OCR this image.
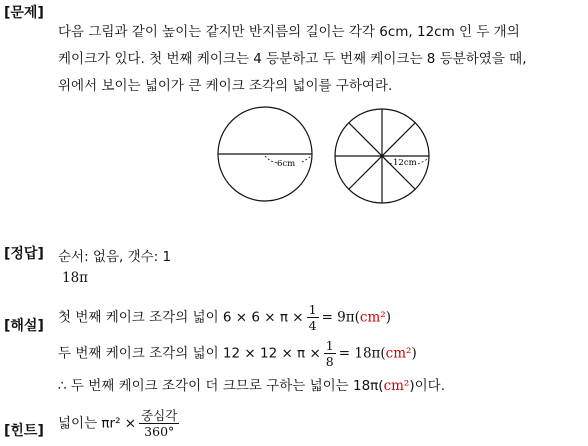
[문제]
다음 그림과 같이 높이는 같지만 반지름의 길이는 각각 6cm, 12cm 인 두 개의
케이크가 있다. 첫 번째 케이크는 4 등분하고 두 번째 케이크는 8 등분하였을 때,
위에서 보이는 넓이가 큰 케이크 조각의 넓이를 구하여라.
6cm	12cm
[정답] 순서: 없음, 갯수: 1
18π
[해설]
첫 번째 케이크 조각의 넓이 $6 \times 6 \times \pi \times \frac{1}{4} = 9\pi(cm^2)$
두 번째 케이크 조각의 넓이 $12 \times 12 \times \pi \times \frac{1}{8} = 18\pi(cm^2)$
∴ 두 번째 케이크 조각이 더 크므로 구하는 넓이는 18π(cm²)이다.
[힌트] 넓이는 $\pi r^2 \times \frac{\text{중심각}}{360^\circ}$
